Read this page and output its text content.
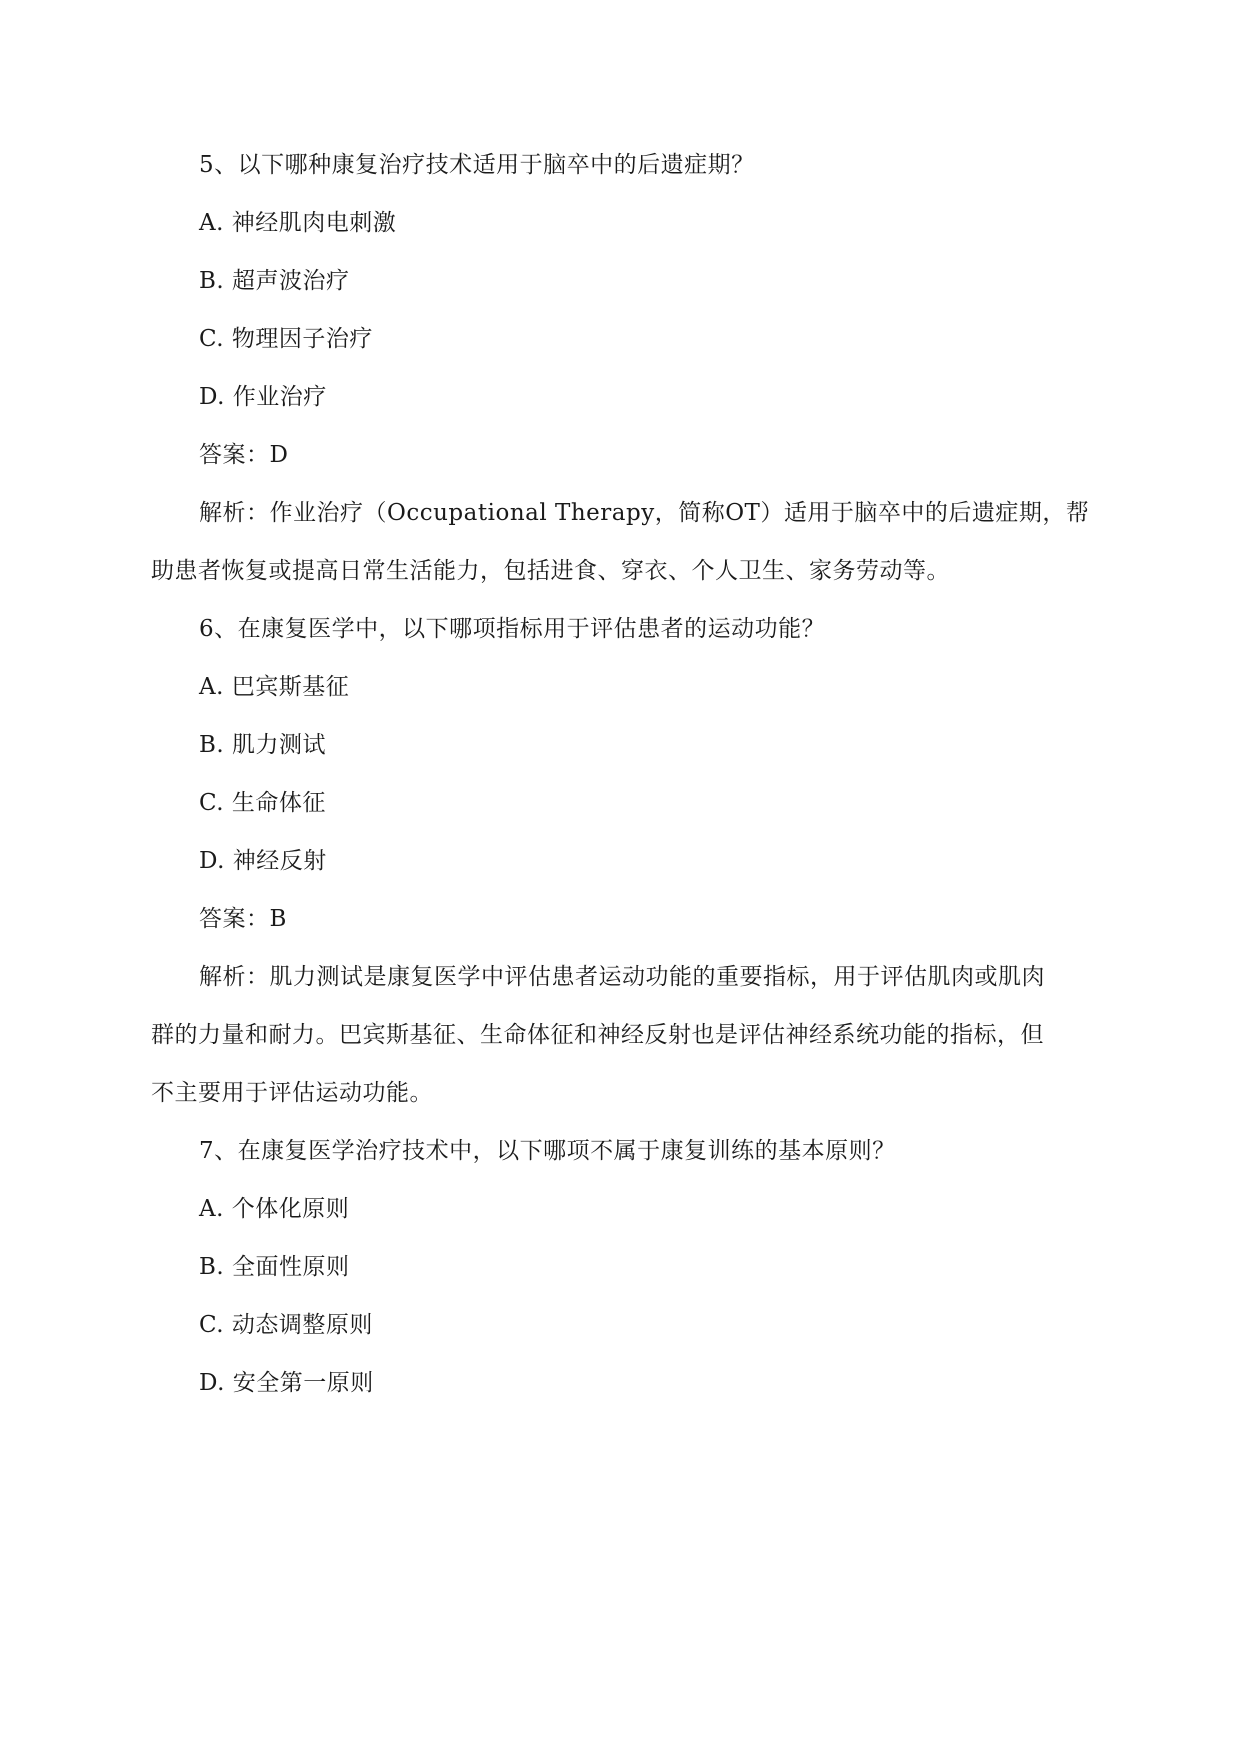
5、以下哪种康复治疗技术适用于脑卒中的后遗症期？
A. 神经肌肉电刺激
B. 超声波治疗
C. 物理因子治疗
D. 作业治疗
答案：D
解析：作业治疗（Occupational Therapy，简称OT）适用于脑卒中的后遗症期，帮
助患者恢复或提高日常生活能力，包括进食、穿衣、个人卫生、家务劳动等。
6、在康复医学中，以下哪项指标用于评估患者的运动功能？
A. 巴宾斯基征
B. 肌力测试
C. 生命体征
D. 神经反射
答案：B
解析：肌力测试是康复医学中评估患者运动功能的重要指标，用于评估肌肉或肌肉
群的力量和耐力。巴宾斯基征、生命体征和神经反射也是评估神经系统功能的指标，但
不主要用于评估运动功能。
7、在康复医学治疗技术中，以下哪项不属于康复训练的基本原则？
A. 个体化原则
B. 全面性原则
C. 动态调整原则
D. 安全第一原则
